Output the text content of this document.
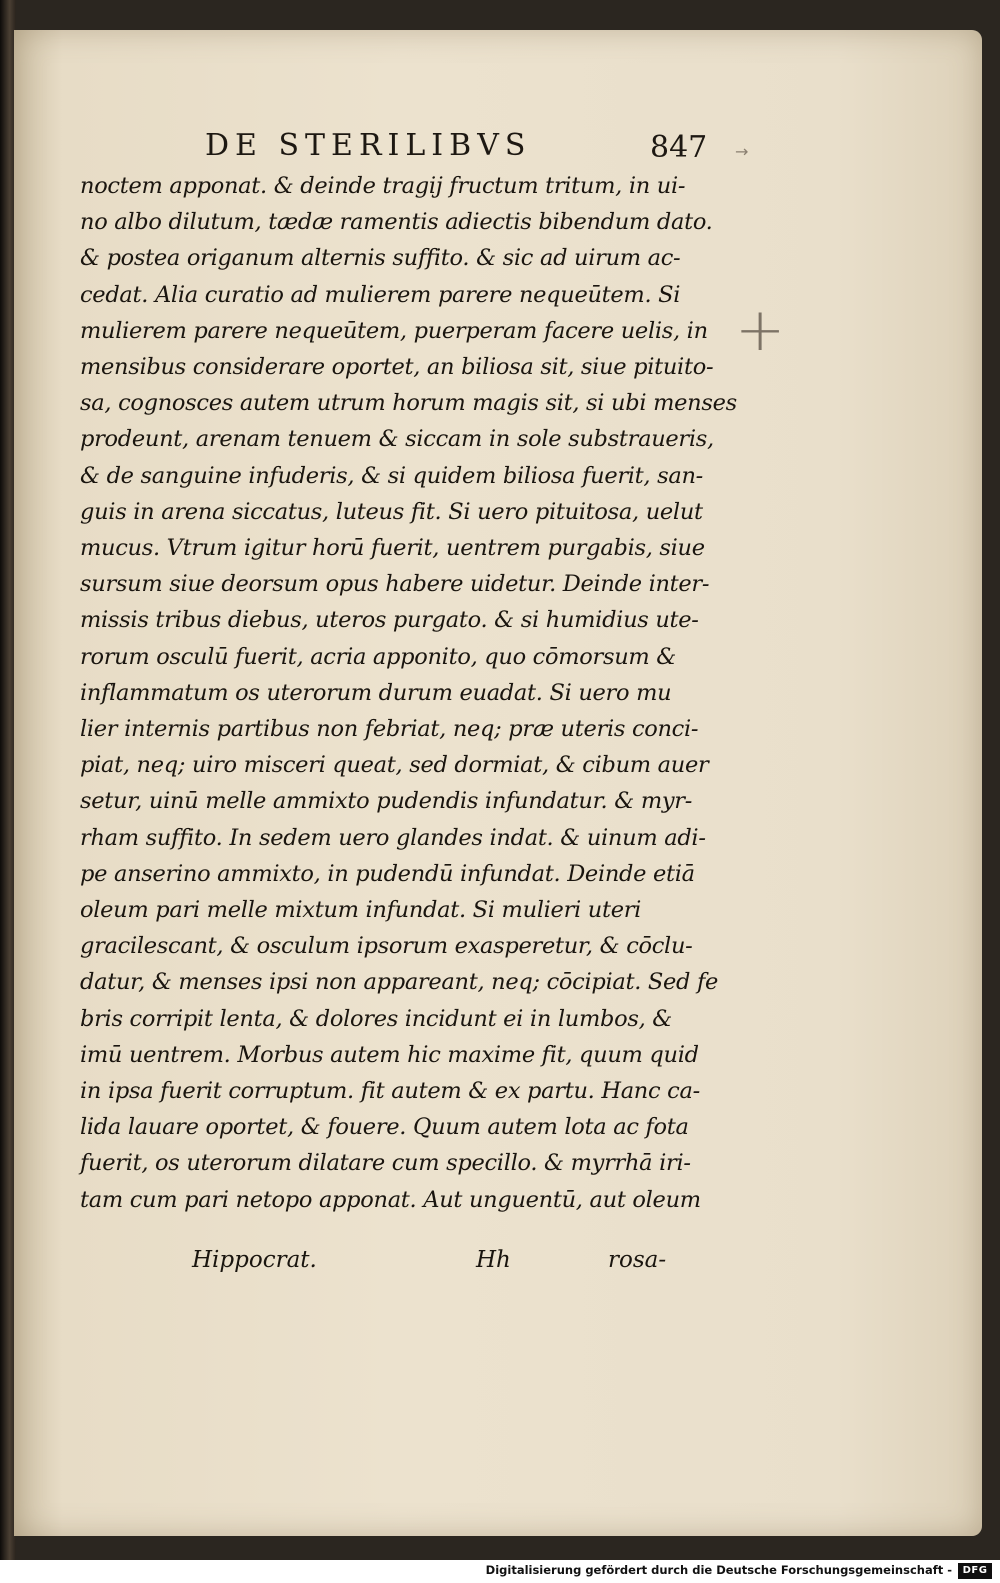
DE STERILIBVS	847 →
+
noctem apponat. & deinde tragij fructum tritum, in ui-
no albo dilutum, tædæ ramentis adiectis bibendum dato.
& postea origanum alternis suffito. & sic ad uirum ac-
cedat. Alia curatio ad mulierem parere nequeūtem. Si
mulierem parere nequeūtem, puerperam facere uelis, in
mensibus considerare oportet, an biliosa sit, siue pituito-
sa, cognosces autem utrum horum magis sit, si ubi menses
prodeunt, arenam tenuem & siccam in sole substraueris,
& de sanguine infuderis, & si quidem biliosa fuerit, san-
guis in arena siccatus, luteus fit. Si uero pituitosa, uelut
mucus. Vtrum igitur horū fuerit, uentrem purgabis, siue
sursum siue deorsum opus habere uidetur. Deinde inter-
missis tribus diebus, uteros purgato. & si humidius ute-
rorum osculū fuerit, acria apponito, quo cōmorsum &
inflammatum os uterorum durum euadat. Si uero mu
lier internis partibus non febriat, neq; præ uteris conci-
piat, neq; uiro misceri queat, sed dormiat, & cibum auer
setur, uinū melle ammixto pudendis infundatur. & myr-
rham suffito. In sedem uero glandes indat. & uinum adi-
pe anserino ammixto, in pudendū infundat. Deinde etiā
oleum pari melle mixtum infundat. Si mulieri uteri
gracilescant, & osculum ipsorum exasperetur, & cōclu-
datur, & menses ipsi non appareant, neq; cōcipiat. Sed fe
bris corripit lenta, & dolores incidunt ei in lumbos, &
imū uentrem. Morbus autem hic maxime fit, quum quid
in ipsa fuerit corruptum. fit autem & ex partu. Hanc ca-
lida lauare oportet, & fouere. Quum autem lota ac fota
fuerit, os uterorum dilatare cum specillo. & myrrhā iri-
tam cum pari netopo apponat. Aut unguentū, aut oleum
Hippocrat.	Hh	rosa-
Digitalisierung gefördert durch die Deutsche Forschungsgemeinschaft -	DFG
